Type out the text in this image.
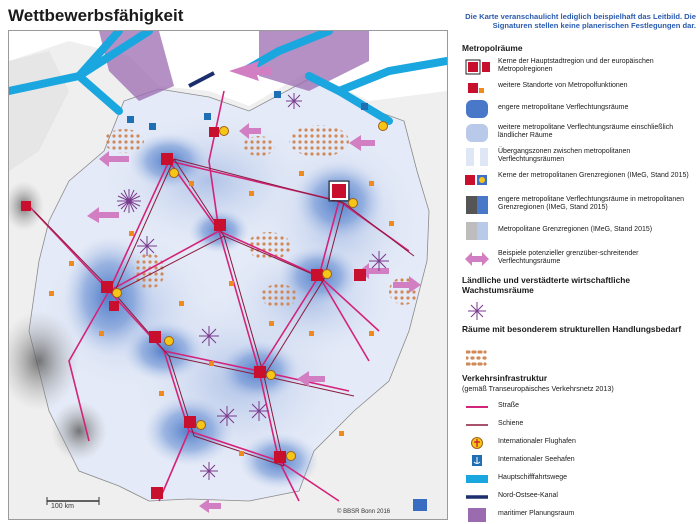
Wettbewerbsfähigkeit	Die Karte veranschaulicht lediglich beispielhaft das Leitbild. Die Signaturen stellen keine planerischen Festlegungen dar.
100 km
© BBSR Bonn 2016
Metropolräume
Kerne der Hauptstadtregion und der europäischen Metropolregionen
weitere Standorte von Metropolfunktionen
engere metropolitane Verflechtungsräume
weitere metropolitane Verflechtungsräume einschließlich ländlicher Räume
Übergangszonen zwischen metropolitanen Verflechtungsräumen
Kerne der metropolitanen Grenzregionen (IMeG, Stand 2015)
engere metropolitane Verflechtungsräume in metropolitanen Grenzregionen (IMeG, Stand 2015)
Metropolitane Grenzregionen (IMeG, Stand 2015)
Beispiele potenzieller grenzüber-schreitender Verflechtungsräume
Ländliche und verstädterte wirtschaftliche Wachstumsräume
Räume mit besonderem strukturellen Handlungsbedarf
Verkehrsinfrastruktur
(gemäß Transeuropäisches Verkehrsnetz 2013)
Straße
Schiene
Internationaler Flughafen
Internationaler Seehafen
Hauptschifffahrtswege
Nord-Ostsee-Kanal
maritimer Planungsraum
